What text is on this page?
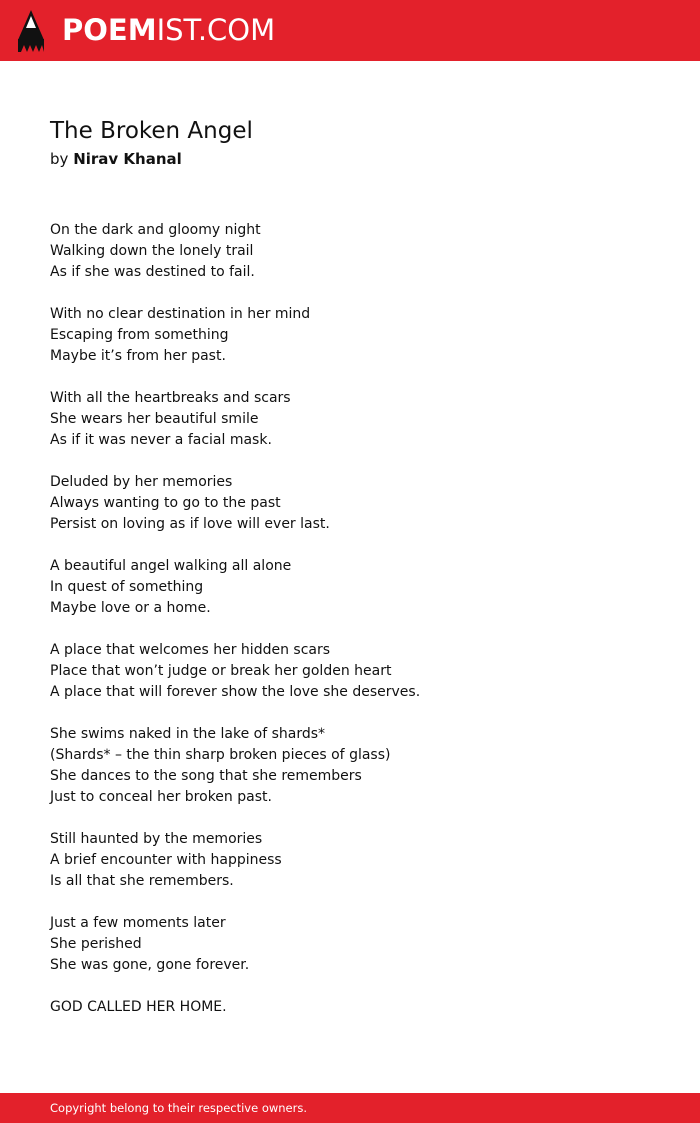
POEMIST.COM
The Broken Angel
by Nirav Khanal
On the dark and gloomy night
Walking down the lonely trail
As if she was destined to fail.
With no clear destination in her mind
Escaping from something
Maybe it’s from her past.
With all the heartbreaks and scars
She wears her beautiful smile
As if it was never a facial mask.
Deluded by her memories
Always wanting to go to the past
Persist on loving as if love will ever last.
A beautiful angel walking all alone
In quest of something
Maybe love or a home.
A place that welcomes her hidden scars
Place that won’t judge or break her golden heart
A place that will forever show the love she deserves.
She swims naked in the lake of shards*
(Shards* – the thin sharp broken pieces of glass)
She dances to the song that she remembers
Just to conceal her broken past.
Still haunted by the memories
A brief encounter with happiness
Is all that she remembers.
Just a few moments later
She perished
She was gone, gone forever.
GOD CALLED HER HOME.
Copyright belong to their respective owners.
